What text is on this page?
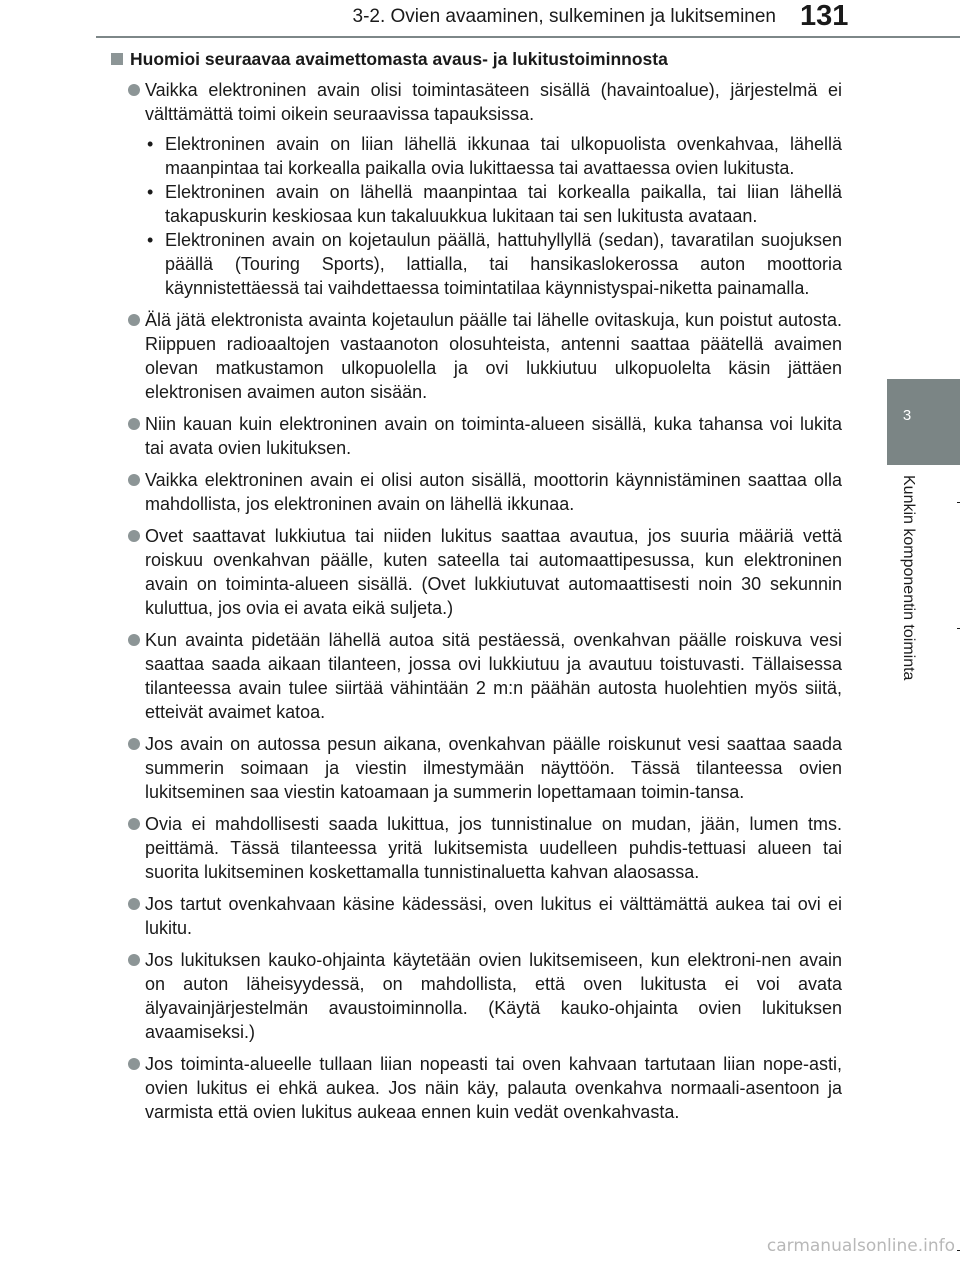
3-2. Ovien avaaminen, sulkeminen ja lukitseminen 131
3
Kunkin komponentin toiminta
Huomioi seuraavaa avaimettomasta avaus- ja lukitustoiminnosta
Vaikka elektroninen avain olisi toimintasäteen sisällä (havaintoalue), järjestelmä ei välttämättä toimi oikein seuraavissa tapauksissa.
• Elektroninen avain on liian lähellä ikkunaa tai ulkopuolista ovenkahvaa, lähellä maanpintaa tai korkealla paikalla ovia lukittaessa tai avattaessa ovien lukitusta.
• Elektroninen avain on lähellä maanpintaa tai korkealla paikalla, tai liian lähellä takapuskurin keskiosaa kun takaluukkua lukitaan tai sen lukitusta avataan.
• Elektroninen avain on kojetaulun päällä, hattuhyllyllä (sedan), tavaratilan suojuksen päällä (Touring Sports), lattialla, tai hansikaslokerossa auton moottoria käynnistettäessä tai vaihdettaessa toimintatilaa käynnistyspai-niketta painamalla.
Älä jätä elektronista avainta kojetaulun päälle tai lähelle ovitaskuja, kun poistut autosta. Riippuen radioaaltojen vastaanoton olosuhteista, antenni saattaa päätellä avaimen olevan matkustamon ulkopuolella ja ovi lukkiutuu ulkopuolelta käsin jättäen elektronisen avaimen auton sisään.
Niin kauan kuin elektroninen avain on toiminta-alueen sisällä, kuka tahansa voi lukita tai avata ovien lukituksen.
Vaikka elektroninen avain ei olisi auton sisällä, moottorin käynnistäminen saattaa olla mahdollista, jos elektroninen avain on lähellä ikkunaa.
Ovet saattavat lukkiutua tai niiden lukitus saattaa avautua, jos suuria määriä vettä roiskuu ovenkahvan päälle, kuten sateella tai automaattipesussa, kun elektroninen avain on toiminta-alueen sisällä. (Ovet lukkiutuvat automaattisesti noin 30 sekunnin kuluttua, jos ovia ei avata eikä suljeta.)
Kun avainta pidetään lähellä autoa sitä pestäessä, ovenkahvan päälle roiskuva vesi saattaa saada aikaan tilanteen, jossa ovi lukkiutuu ja avautuu toistuvasti. Tällaisessa tilanteessa avain tulee siirtää vähintään 2 m:n päähän autosta huolehtien myös siitä, etteivät avaimet katoa.
Jos avain on autossa pesun aikana, ovenkahvan päälle roiskunut vesi saattaa saada summerin soimaan ja viestin ilmestymään näyttöön. Tässä tilanteessa ovien lukitseminen saa viestin katoamaan ja summerin lopettamaan toimin-tansa.
Ovia ei mahdollisesti saada lukittua, jos tunnistinalue on mudan, jään, lumen tms. peittämä. Tässä tilanteessa yritä lukitsemista uudelleen puhdis-tettuasi alueen tai suorita lukitseminen koskettamalla tunnistinaluetta kahvan alaosassa.
Jos tartut ovenkahvaan käsine kädessäsi, oven lukitus ei välttämättä aukea tai ovi ei lukitu.
Jos lukituksen kauko-ohjainta käytetään ovien lukitsemiseen, kun elektroni-nen avain on auton läheisyydessä, on mahdollista, että oven lukitusta ei voi avata älyavainjärjestelmän avaustoiminnolla. (Käytä kauko-ohjainta ovien lukituksen avaamiseksi.)
Jos toiminta-alueelle tullaan liian nopeasti tai oven kahvaan tartutaan liian nope-asti, ovien lukitus ei ehkä aukea. Jos näin käy, palauta ovenkahva normaali-asentoon ja varmista että ovien lukitus aukeaa ennen kuin vedät ovenkahvasta.
carmanualsonline.info
